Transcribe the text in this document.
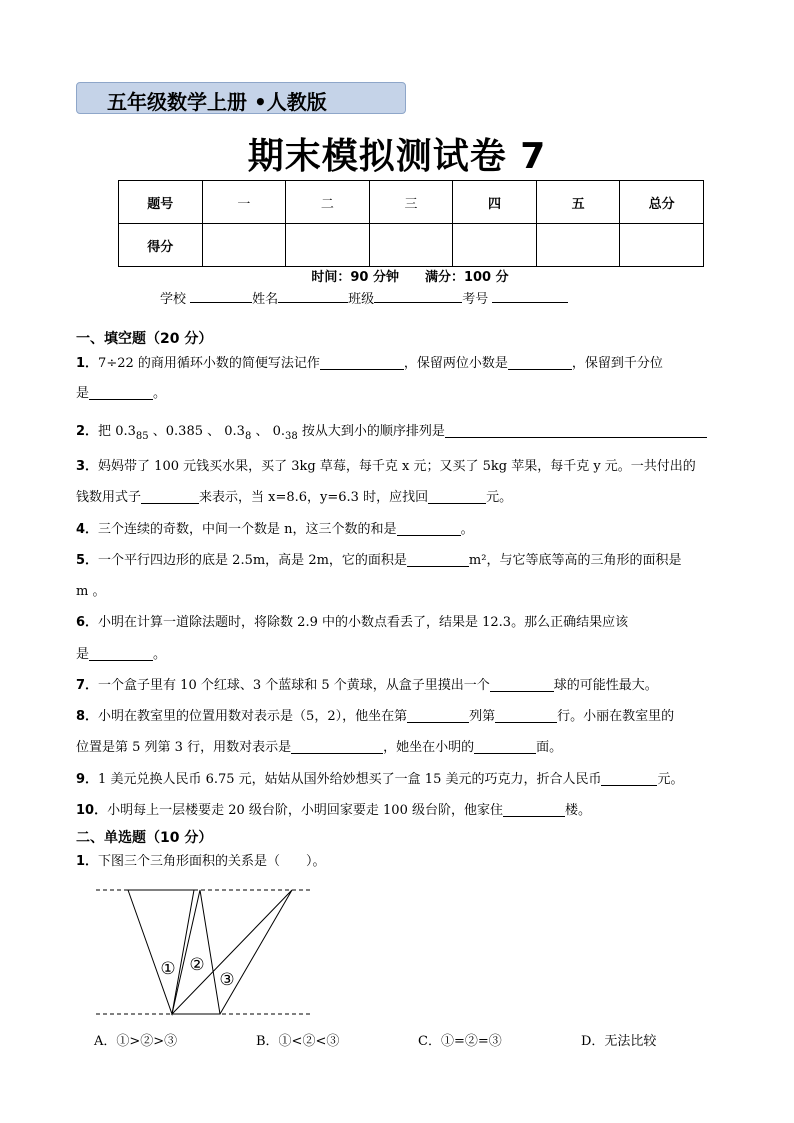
五年级数学上册 •人教版
期末模拟测试卷 7
题号	一	二	三	四	五	总分
得分						
时间：90 分钟 满分：100 分
学校	姓名	班级	考号
一、填空题（20 分）
1．7÷22 的商用循环小数的简便写法记作	，保留两位小数是	，保留到千分位
是	。
2．把 $0.3_{85}$ 、0.385 、 $0.3_8$ 、 $0._{38}$ 按从大到小的顺序排列是
3．妈妈带了 100 元钱买水果，买了 3kg 草莓，每千克 x 元；又买了 5kg 苹果，每千克 y 元。一共付出的
钱数用式子	来表示，当 x=8.6，y=6.3 时，应找回	元。
4．三个连续的奇数，中间一个数是 n，这三个数的和是	。
5．一个平行四边形的底是 2.5m，高是 2m，它的面积是	m²，与它等底等高的三角形的面积是
m 。
6．小明在计算一道除法题时，将除数 2.9 中的小数点看丢了，结果是 12.3。那么正确结果应该
是	。
7．一个盒子里有 10 个红球、3 个蓝球和 5 个黄球，从盒子里摸出一个	球的可能性最大。
8．小明在教室里的位置用数对表示是（5，2），他坐在第	列第	行。小丽在教室里的
位置是第 5 列第 3 行，用数对表示是	，她坐在小明的	面。
9．1 美元兑换人民币 6.75 元，姑姑从国外给妙想买了一盒 15 美元的巧克力，折合人民币	元。
10．小明每上一层楼要走 20 级台阶，小明回家要走 100 级台阶，他家住	楼。
二、单选题（10 分）
1．下图三个三角形面积的关系是（　　）。
① ②
③
A．①>②>③	B．①<②<③	C．①=②=③	D．无法比较
